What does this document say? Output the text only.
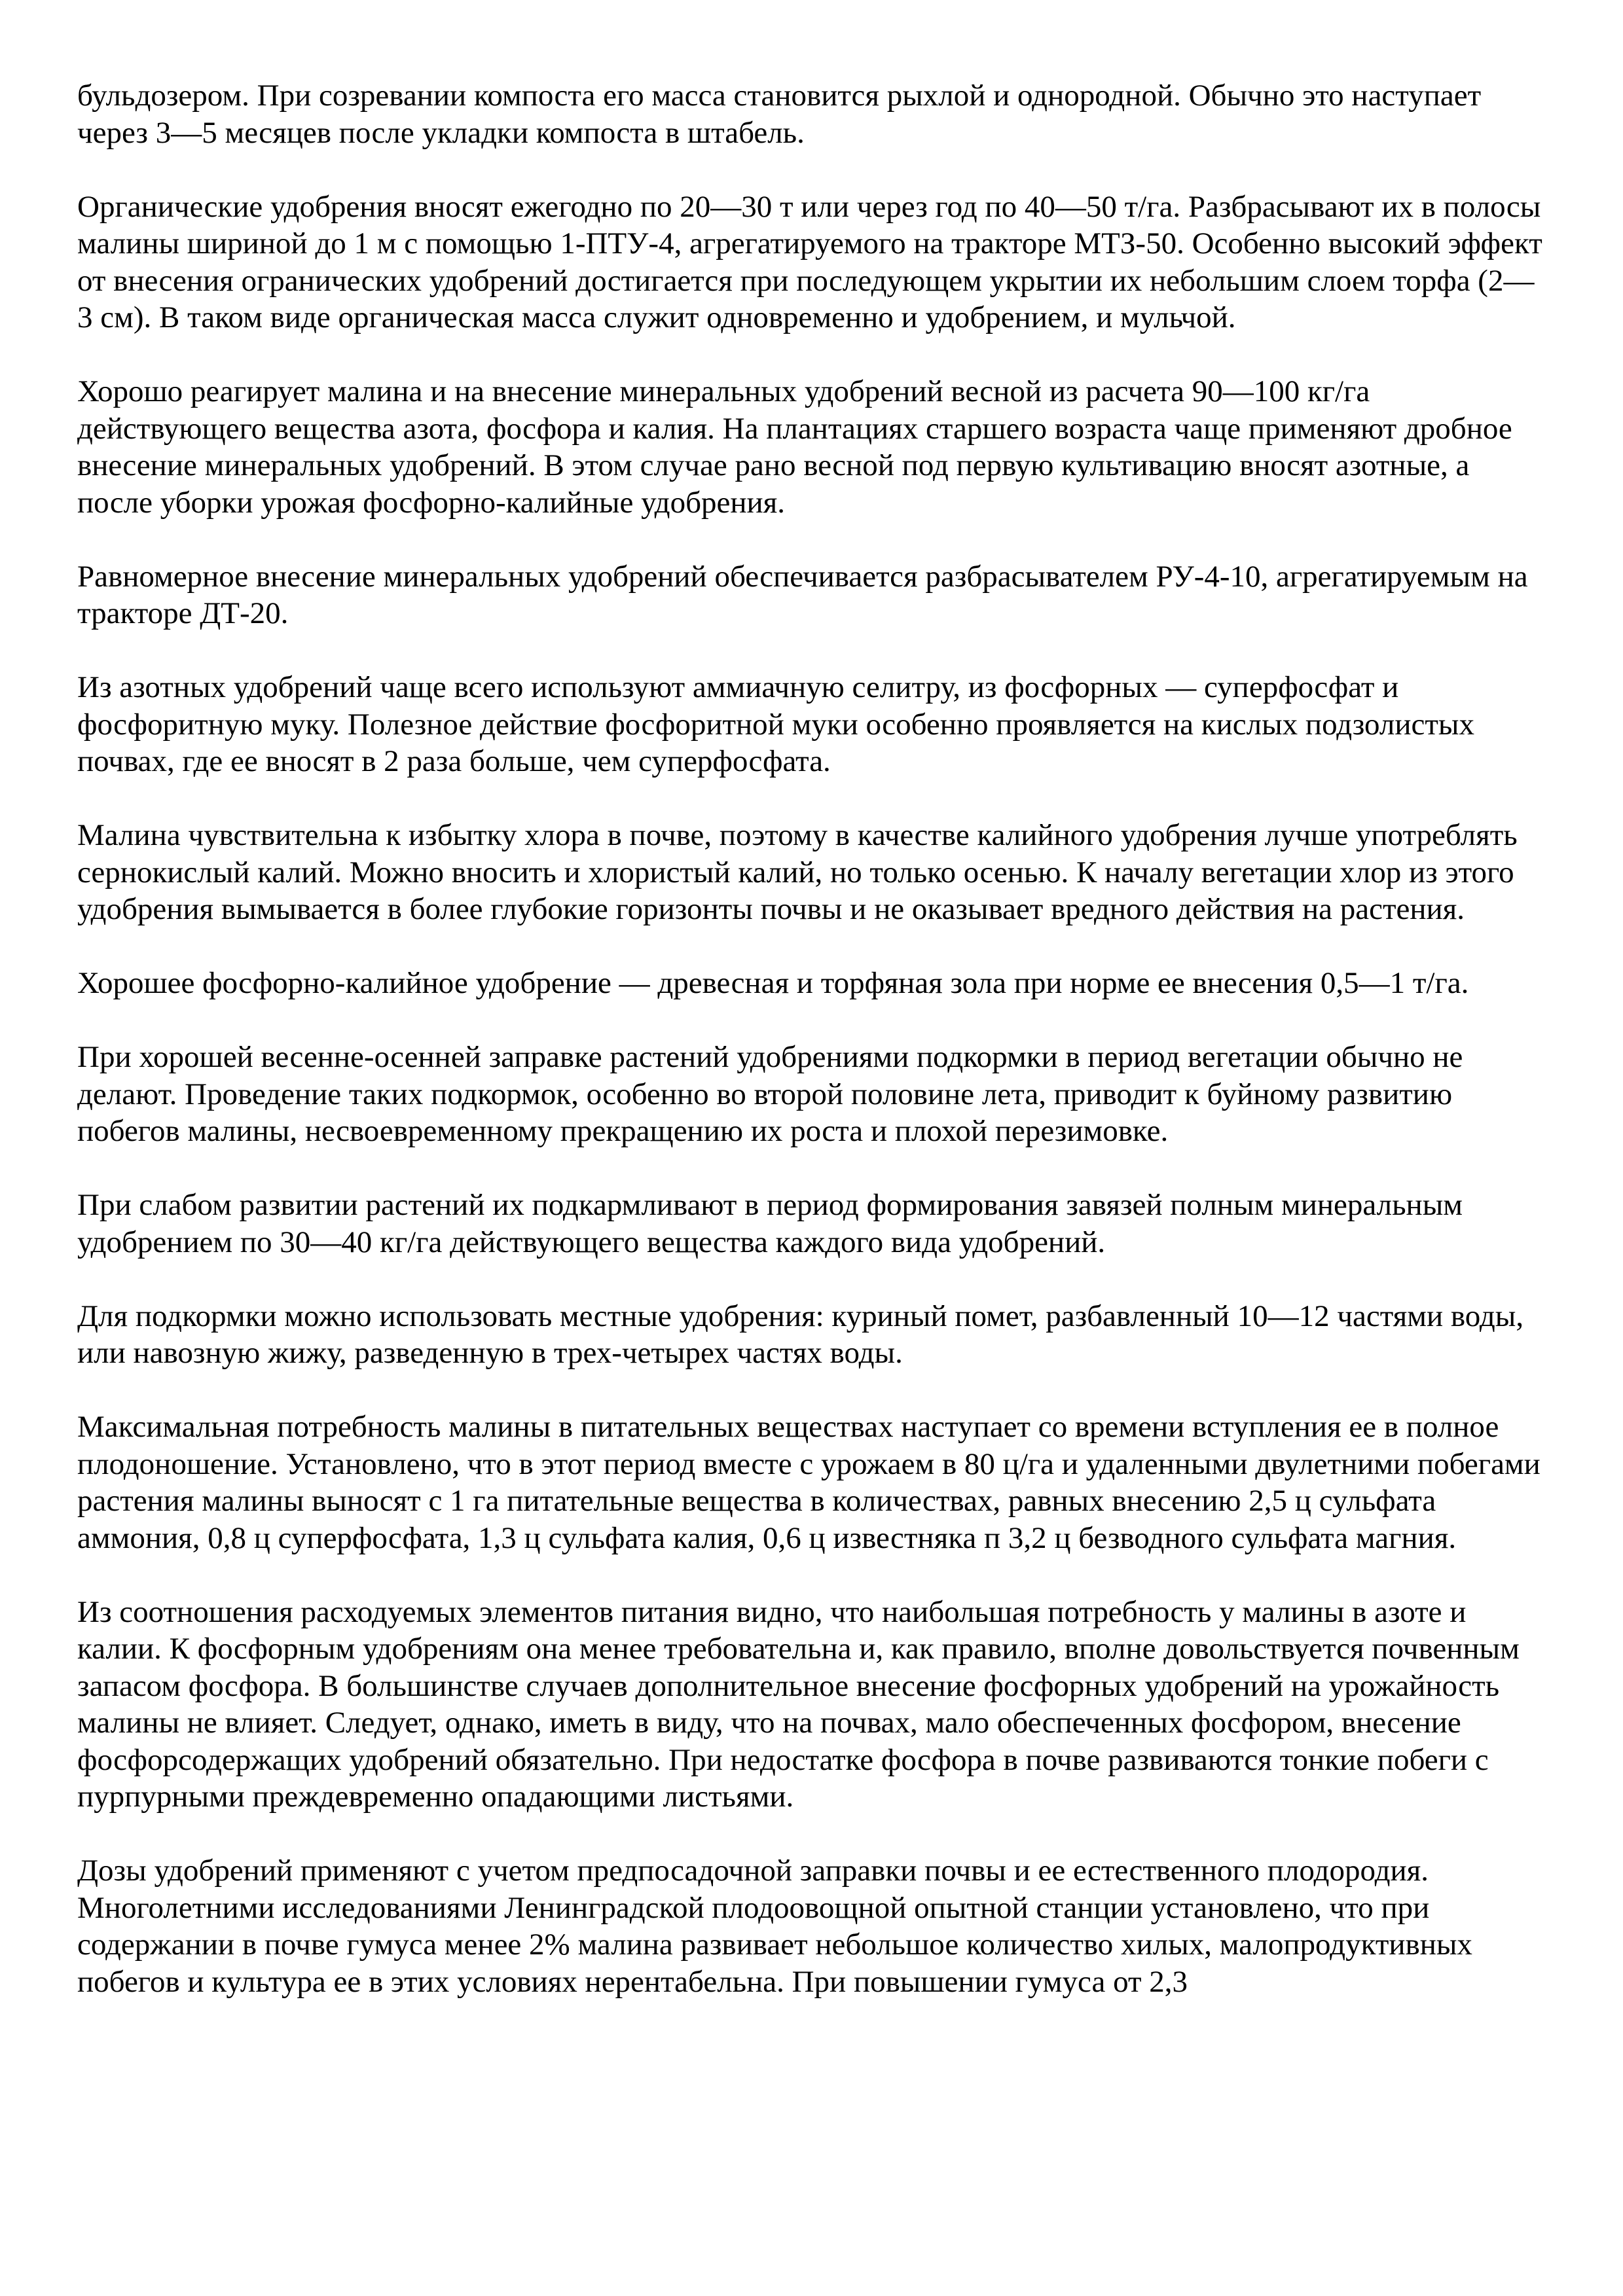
бульдозером. При созревании компоста его масса становится рыхлой и однородной. Обычно это наступает через 3—5 месяцев после укладки компоста в штабель.

Органические удобрения вносят ежегодно по 20—30 т или через год по 40—50 т/га. Разбрасывают их в полосы малины шириной до 1 м с помощью 1-ПТУ-4, агрегатируемого на тракторе МТЗ-50. Особенно высокий эффект от внесения огранических удобрений достигается при последующем укрытии их небольшим слоем торфа (2—3 см). В таком виде органическая масса служит одновременно и удобрением, и мульчой.

Хорошо реагирует малина и на внесение минеральных удобрений весной из расчета 90—100 кг/га действующего вещества азота, фосфора и калия. На плантациях старшего возраста чаще применяют дробное внесение минеральных удобрений. В этом случае рано весной под первую культивацию вносят азотные, а после уборки урожая фосфорно-калийные удобрения.

Равномерное внесение минеральных удобрений обеспечивается разбрасывателем РУ-4-10, агрегатируемым на тракторе ДТ-20.

Из азотных удобрений чаще всего используют аммиачную селитру, из фосфорных — суперфосфат и фосфоритную муку. Полезное действие фосфоритной муки особенно проявляется на кислых подзолистых почвах, где ее вносят в 2 раза больше, чем суперфосфата.

Малина чувствительна к избытку хлора в почве, поэтому в качестве калийного удобрения лучше употреблять сернокислый калий. Можно вносить и хлористый калий, но только осенью. К началу вегетации хлор из этого удобрения вымывается в более глубокие горизонты почвы и не оказывает вредного действия на растения.

Хорошее фосфорно-калийное удобрение — древесная и торфяная зола при норме ее внесения 0,5—1 т/га.

При хорошей весенне-осенней заправке растений удобрениями подкормки в период вегетации обычно не делают. Проведение таких подкормок, особенно во второй половине лета, приводит к буйному развитию побегов малины, несвоевременному прекращению их роста и плохой перезимовке.

При слабом развитии растений их подкармливают в период формирования завязей полным минеральным удобрением по 30—40 кг/га действующего вещества каждого вида удобрений.

Для подкормки можно использовать местные удобрения: куриный помет, разбавленный 10—12 частями воды, или навозную жижу, разведенную в трех-четырех частях воды.

Максимальная потребность малины в питательных веществах наступает со времени вступления ее в полное плодоношение. Установлено, что в этот период вместе с урожаем в 80 ц/га и удаленными двулетними побегами растения малины выносят с 1 га питательные вещества в количествах, равных внесению 2,5 ц сульфата аммония, 0,8 ц суперфосфата, 1,3 ц сульфата калия, 0,6 ц известняка п 3,2 ц безводного сульфата магния.

Из соотношения расходуемых элементов питания видно, что наибольшая потребность у малины в азоте и калии. К фосфорным удобрениям она менее требовательна и, как правило, вполне довольствуется почвенным запасом фосфора. В большинстве случаев дополнительное внесение фосфорных удобрений на урожайность малины не влияет. Следует, однако, иметь в виду, что на почвах, мало обеспеченных фосфором, внесение фосфорсодержащих удобрений обязательно. При недостатке фосфора в почве развиваются тонкие побеги с пурпурными преждевременно опадающими листьями.

Дозы удобрений применяют с учетом предпосадочной заправки почвы и ее естественного плодородия. Многолетними исследованиями Ленинградской плодоовощной опытной станции установлено, что при содержании в почве гумуса менее 2% малина развивает небольшое количество хилых, малопродуктивных побегов и культура ее в этих условиях нерентабельна. При повышении гумуса от 2,3
